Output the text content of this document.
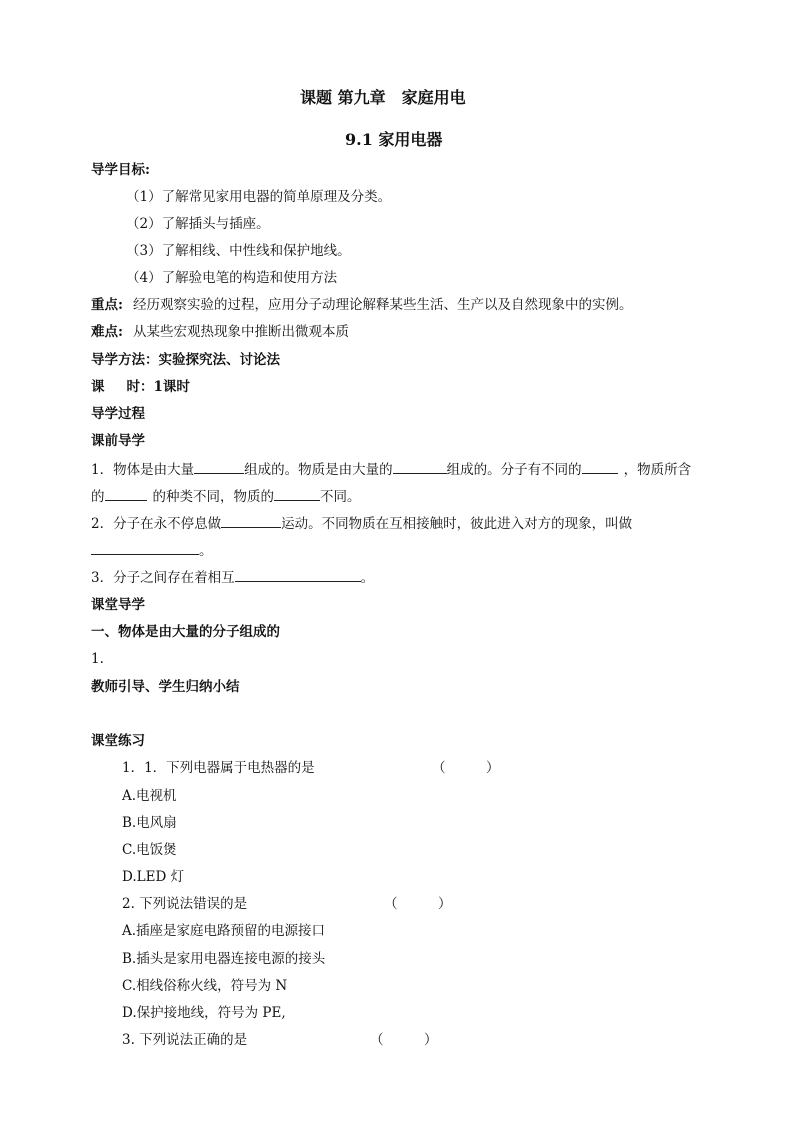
课题 第九章　家庭用电
9.1 家用电器
导学目标:
（1）了解常见家用电器的简单原理及分类。
（2）了解插头与插座。
（3）了解相线、中性线和保护地线。
（4）了解验电笔的构造和使用方法
重点: 经历观察实验的过程，应用分子动理论解释某些生活、生产以及自然现象中的实例。
难点: 从某些宏观热现象中推断出微观本质
导学方法：实验探究法、讨论法
课 时：1课时
导学过程
课前导学
1．物体是由大量	组成的。物质是由大量的	组成的。分子有不同的	，物质所含
的	的种类不同，物质的	不同。
2．分子在永不停息做	运动。不同物质在互相接触时，彼此进入对方的现象，叫做
。
3．分子之间存在着相互	。
课堂导学
一、物体是由大量的分子组成的
1.
教师引导、学生归纳小结
课堂练习
1．1．下列电器属于电热器的是	（　　　）
A.电视机
B.电风扇
C.电饭煲
D.LED 灯
2. 下列说法错误的是	（　　　）
A.插座是家庭电路预留的电源接口
B.插头是家用电器连接电源的接头
C.相线俗称火线，符号为 N
D.保护接地线，符号为 PE,
3. 下列说法正确的是	（　　　）
